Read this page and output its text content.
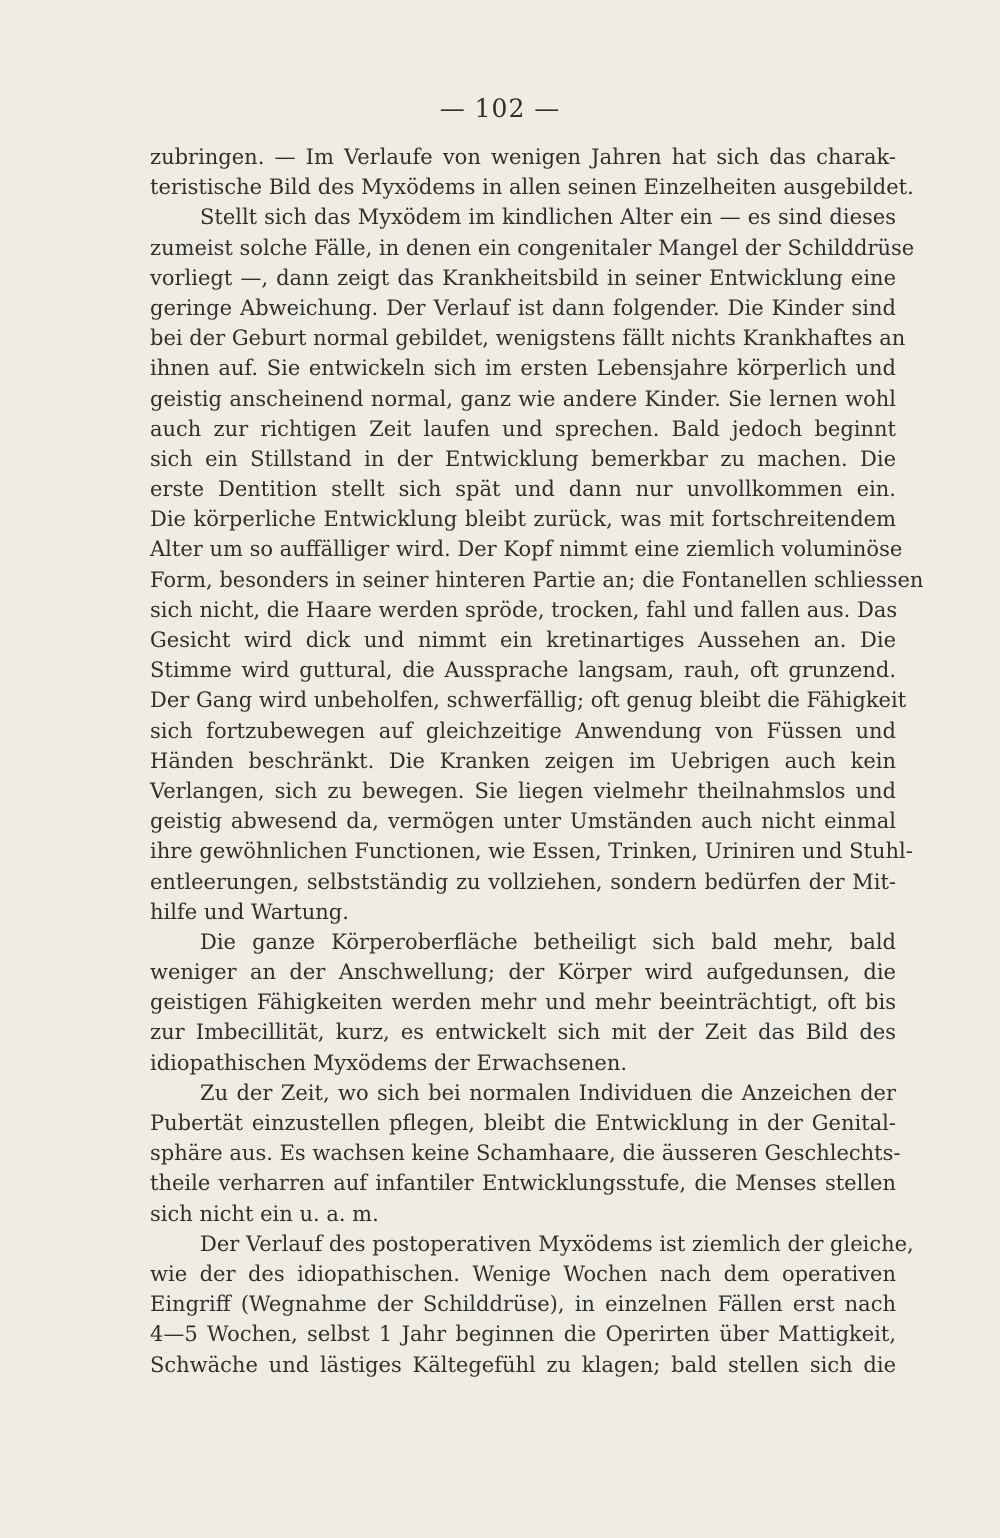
— 102 —
zubringen. — Im Verlaufe von wenigen Jahren hat sich das charak-
teristische Bild des Myxödems in allen seinen Einzelheiten ausgebildet.
Stellt sich das Myxödem im kindlichen Alter ein — es sind dieses
zumeist solche Fälle, in denen ein congenitaler Mangel der Schilddrüse
vorliegt —, dann zeigt das Krankheitsbild in seiner Entwicklung eine
geringe Abweichung. Der Verlauf ist dann folgender. Die Kinder sind
bei der Geburt normal gebildet, wenigstens fällt nichts Krankhaftes an
ihnen auf. Sie entwickeln sich im ersten Lebensjahre körperlich und
geistig anscheinend normal, ganz wie andere Kinder. Sie lernen wohl
auch zur richtigen Zeit laufen und sprechen. Bald jedoch beginnt
sich ein Stillstand in der Entwicklung bemerkbar zu machen. Die
erste Dentition stellt sich spät und dann nur unvollkommen ein.
Die körperliche Entwicklung bleibt zurück, was mit fortschreitendem
Alter um so auffälliger wird. Der Kopf nimmt eine ziemlich voluminöse
Form, besonders in seiner hinteren Partie an; die Fontanellen schliessen
sich nicht, die Haare werden spröde, trocken, fahl und fallen aus. Das
Gesicht wird dick und nimmt ein kretinartiges Aussehen an. Die
Stimme wird guttural, die Aussprache langsam, rauh, oft grunzend.
Der Gang wird unbeholfen, schwerfällig; oft genug bleibt die Fähigkeit
sich fortzubewegen auf gleichzeitige Anwendung von Füssen und
Händen beschränkt. Die Kranken zeigen im Uebrigen auch kein
Verlangen, sich zu bewegen. Sie liegen vielmehr theilnahmslos und
geistig abwesend da, vermögen unter Umständen auch nicht einmal
ihre gewöhnlichen Functionen, wie Essen, Trinken, Uriniren und Stuhl-
entleerungen, selbstständig zu vollziehen, sondern bedürfen der Mit-
hilfe und Wartung.
Die ganze Körperoberfläche betheiligt sich bald mehr, bald
weniger an der Anschwellung; der Körper wird aufgedunsen, die
geistigen Fähigkeiten werden mehr und mehr beeinträchtigt, oft bis
zur Imbecillität, kurz, es entwickelt sich mit der Zeit das Bild des
idiopathischen Myxödems der Erwachsenen.
Zu der Zeit, wo sich bei normalen Individuen die Anzeichen der
Pubertät einzustellen pflegen, bleibt die Entwicklung in der Genital-
sphäre aus. Es wachsen keine Schamhaare, die äusseren Geschlechts-
theile verharren auf infantiler Entwicklungsstufe, die Menses stellen
sich nicht ein u. a. m.
Der Verlauf des postoperativen Myxödems ist ziemlich der gleiche,
wie der des idiopathischen. Wenige Wochen nach dem operativen
Eingriff (Wegnahme der Schilddrüse), in einzelnen Fällen erst nach
4—5 Wochen, selbst 1 Jahr beginnen die Operirten über Mattigkeit,
Schwäche und lästiges Kältegefühl zu klagen; bald stellen sich die
